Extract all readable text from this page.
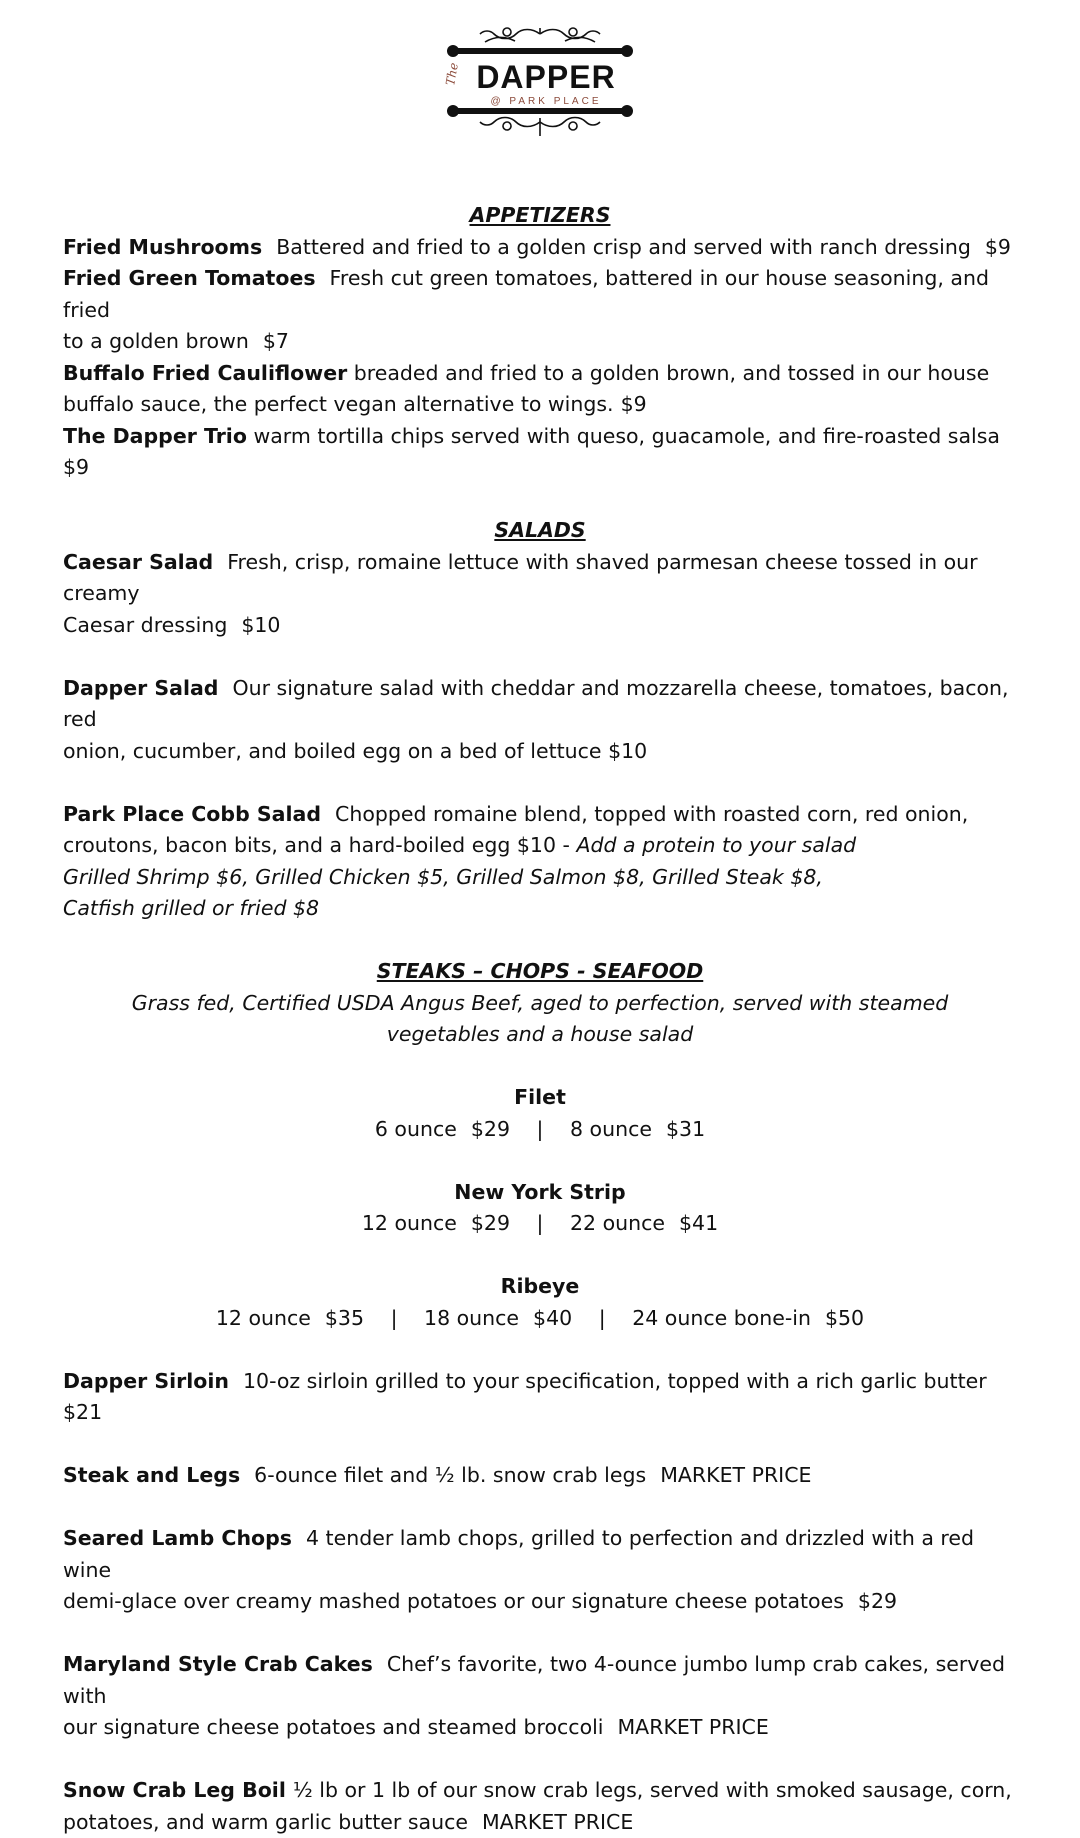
The DAPPER
@ PARK PLACE

APPETIZERS

Fried Mushrooms Battered and fried to a golden crisp and served with ranch dressing $9

Fried Green Tomatoes Fresh cut green tomatoes, battered in our house seasoning, and fried

to a golden brown $7

Buffalo Fried Cauliflower breaded and fried to a golden brown, and tossed in our house

buffalo sauce, the perfect vegan alternative to wings. $9

The Dapper Trio warm tortilla chips served with queso, guacamole, and fire-roasted salsa$9

SALADS

Caesar Salad Fresh, crisp, romaine lettuce with shaved parmesan cheese tossed in our creamy

Caesar dressing $10

Dapper Salad Our signature salad with cheddar and mozzarella cheese, tomatoes, bacon, red

onion, cucumber, and boiled egg on a bed of lettuce $10

Park Place Cobb Salad Chopped romaine blend, topped with roasted corn, red onion,

croutons, bacon bits, and a hard-boiled egg $10 - Add a protein to your salad

Grilled Shrimp $6, Grilled Chicken $5, Grilled Salmon $8, Grilled Steak $8,

Catfish grilled or fried $8

STEAKS – CHOPS - SEAFOOD

Grass fed, Certified USDA Angus Beef, aged to perfection, served with steamed

vegetables and a house salad

Filet

6 ounce $29 | 8 ounce $31

New York Strip

12 ounce $29 | 22 ounce $41

Ribeye

12 ounce $35 | 18 ounce $40 | 24 ounce bone-in $50

Dapper Sirloin 10-oz sirloin grilled to your specification, topped with a rich garlic butter$21

Steak and Legs 6-ounce filet and ½ lb. snow crab legs MARKET PRICE

Seared Lamb Chops 4 tender lamb chops, grilled to perfection and drizzled with a red wine

demi-glace over creamy mashed potatoes or our signature cheese potatoes $29

Maryland Style Crab Cakes Chef’s favorite, two 4-ounce jumbo lump crab cakes, served with

our signature cheese potatoes and steamed broccoli MARKET PRICE

Snow Crab Leg Boil ½ lb or 1 lb of our snow crab legs, served with smoked sausage, corn,

potatoes, and warm garlic butter sauce MARKET PRICE
